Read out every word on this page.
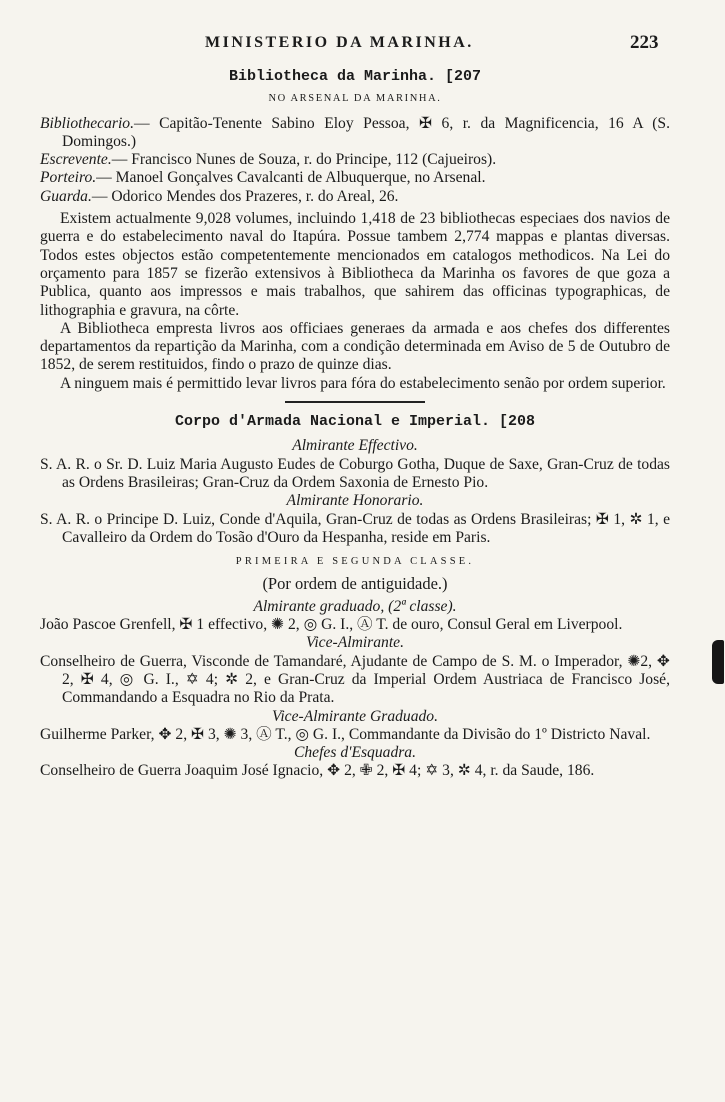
MINISTERIO DA MARINHA.	223
Bibliotheca da Marinha. [207
NO ARSENAL DA MARINHA.

Bibliothecario.— Capitão-Tenente Sabino Eloy Pessoa, ✠ 6, r. da Magnificencia, 16 A (S. Domingos.)

Escrevente.— Francisco Nunes de Souza, r. do Principe, 112 (Cajueiros).

Porteiro.— Manoel Gonçalves Cavalcanti de Albuquerque, no Arsenal.

Guarda.— Odorico Mendes dos Prazeres, r. do Areal, 26.

Existem actualmente 9,028 volumes, incluindo 1,418 de 23 bibliothecas especiaes dos navios de guerra e do estabelecimento naval do Itapúra. Possue tambem 2,774 mappas e plantas diversas. Todos estes objectos estão competentemente mencionados em catalogos methodicos. Na Lei do orçamento para 1857 se fizerão extensivos à Bibliotheca da Marinha os favores de que goza a Publica, quanto aos impressos e mais trabalhos, que sahirem das officinas typographicas, de lithographia e gravura, na côrte.

A Bibliotheca empresta livros aos officiaes generaes da armada e aos chefes dos differentes departamentos da repartição da Marinha, com a condição determinada em Aviso de 5 de Outubro de 1852, de serem restituidos, findo o prazo de quinze dias.

A ninguem mais é permittido levar livros para fóra do estabelecimento senão por ordem superior.

Corpo d'Armada Nacional e Imperial. [208
Almirante Effectivo.

S. A. R. o Sr. D. Luiz Maria Augusto Eudes de Coburgo Gotha, Duque de Saxe, Gran-Cruz de todas as Ordens Brasileiras; Gran-Cruz da Ordem Saxonia de Ernesto Pio.

Almirante Honorario.

S. A. R. o Principe D. Luiz, Conde d'Aquila, Gran-Cruz de todas as Ordens Brasileiras; ✠ 1, ✲ 1, e Cavalleiro da Ordem do Tosão d'Ouro da Hespanha, reside em Paris.

PRIMEIRA E SEGUNDA CLASSE.
(Por ordem de antiguidade.)
Almirante graduado, (2ª classe).

João Pascoe Grenfell, ✠ 1 effectivo, ✺ 2, ◎ G. I., Ⓐ T. de ouro, Consul Geral em Liverpool.

Vice-Almirante.

Conselheiro de Guerra, Visconde de Tamandaré, Ajudante de Campo de S. M. o Imperador, ✺2, ✥ 2, ✠ 4, ◎ G. I., ✡ 4; ✲ 2, e Gran-Cruz da Imperial Ordem Austriaca de Francisco José, Commandando a Esquadra no Rio da Prata.

Vice-Almirante Graduado.

Guilherme Parker, ✥ 2, ✠ 3, ✺ 3, Ⓐ T., ◎ G. I., Commandante da Divisão do 1º Districto Naval.

Chefes d'Esquadra.

Conselheiro de Guerra Joaquim José Ignacio, ✥ 2, ✙ 2, ✠ 4; ✡ 3, ✲ 4, r. da Saude, 186.
